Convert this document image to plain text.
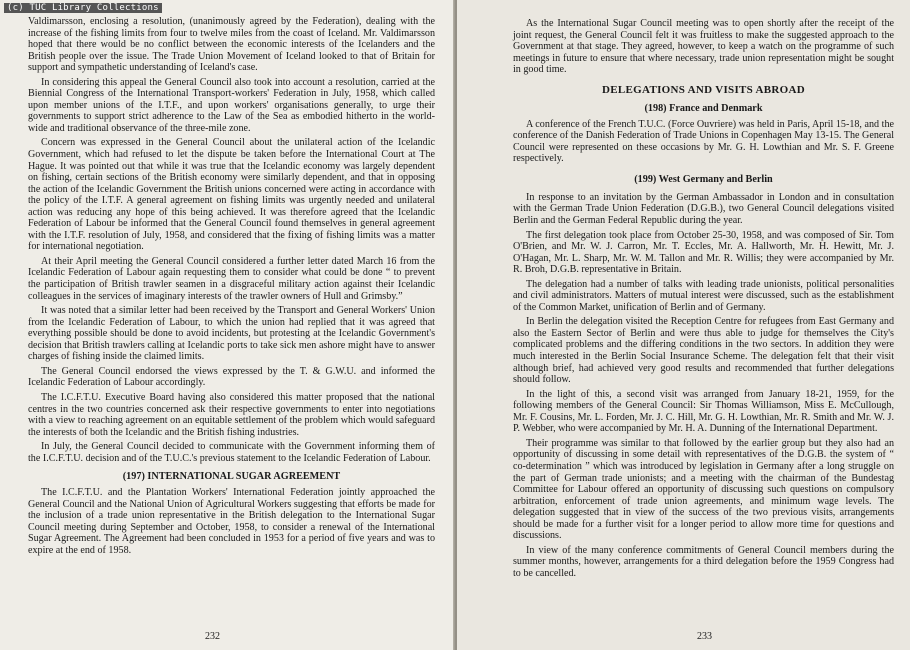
(c) TUC Library Collections

Valdimarsson, enclosing a resolution, (unanimously agreed by the Federation), dealing with the increase of the fishing limits from four to twelve miles from the coast of Iceland. Mr. Valdimarsson hoped that there would be no conflict between the economic interests of the Icelanders and the British people over the issue. The Trade Union Movement of Iceland looked to that of Britain for support and sympathetic understanding of Iceland's case.

In considering this appeal the General Council also took into account a resolution, carried at the Biennial Congress of the International Transport-workers' Federation in July, 1958, which called upon member unions of the I.T.F., and upon workers' organisations generally, to urge their governments to support strict adherence to the Law of the Sea as embodied hitherto in the world-wide and traditional observance of the three-mile zone.

Concern was expressed in the General Council about the unilateral action of the Icelandic Government, which had refused to let the dispute be taken before the International Court at The Hague. It was pointed out that while it was true that the Icelandic economy was largely dependent on fishing, certain sections of the British economy were similarly dependent, and that in opposing the action of the Icelandic Government the British unions concerned were acting in accordance with the policy of the I.T.F. A general agreement on fishing limits was urgently needed and unilateral action was reducing any hope of this being achieved. It was therefore agreed that the Icelandic Federation of Labour be informed that the General Council found themselves in general agreement with the I.T.F. resolution of July, 1958, and considered that the fixing of fishing limits was a matter for international negotiation.

At their April meeting the General Council considered a further letter dated March 16 from the Icelandic Federation of Labour again requesting them to consider what could be done “ to prevent the participation of British trawler seamen in a disgraceful military action against their Icelandic colleagues in the services of imaginary interests of the trawler owners of Hull and Grimsby.”

It was noted that a similar letter had been received by the Transport and General Workers' Union from the Icelandic Federation of Labour, to which the union had replied that it was agreed that everything possible should be done to avoid incidents, but protesting at the Icelandic Government's decision that British trawlers calling at Icelandic ports to take sick men ashore might have to answer charges of fishing inside the claimed limits.

The General Council endorsed the views expressed by the T. & G.W.U. and informed the Icelandic Federation of Labour accordingly.

The I.C.F.T.U. Executive Board having also considered this matter proposed that the national centres in the two countries concerned ask their respective governments to enter into negotiations with a view to reaching agreement on an equitable settlement of the problem which would safeguard the interests of both the Icelandic and the British fishing industries.

In July, the General Council decided to communicate with the Government informing them of the I.C.F.T.U. decision and of the T.U.C.'s previous statement to the Icelandic Federation of Labour.

(197) INTERNATIONAL SUGAR AGREEMENT

The I.C.F.T.U. and the Plantation Workers' International Federation jointly approached the General Council and the National Union of Agricultural Workers suggesting that efforts be made for the inclusion of a trade union representative in the British delegation to the International Sugar Council meeting during September and October, 1958, to consider a renewal of the International Sugar Agreement. The Agreement had been concluded in 1953 for a period of five years and was to expire at the end of 1958.

232

As the International Sugar Council meeting was to open shortly after the receipt of the joint request, the General Council felt it was fruitless to make the suggested approach to the Government at that stage. They agreed, however, to keep a watch on the programme of such meetings in future to ensure that where necessary, trade union representation might be sought in good time.

DELEGATIONS AND VISITS ABROAD
(198) France and Denmark

A conference of the French T.U.C. (Force Ouvriere) was held in Paris, April 15-18, and the conference of the Danish Federation of Trade Unions in Copenhagen May 13-15. The General Council were represented on these occasions by Mr. G. H. Lowthian and Mr. S. F. Greene respectively.

(199) West Germany and Berlin

In response to an invitation by the German Ambassador in London and in consultation with the German Trade Union Federation (D.G.B.), two General Council delegations visited Berlin and the German Federal Republic during the year.

The first delegation took place from October 25-30, 1958, and was composed of Sir. Tom O'Brien, and Mr. W. J. Carron, Mr. T. Eccles, Mr. A. Hallworth, Mr. H. Hewitt, Mr. J. O'Hagan, Mr. L. Sharp, Mr. W. M. Tallon and Mr. R. Willis; they were accompanied by Mr. R. Broh, D.G.B. representative in Britain.

The delegation had a number of talks with leading trade unionists, political personalities and civil administrators. Matters of mutual interest were discussed, such as the establishment of the Common Market, unification of Berlin and of Germany.

In Berlin the delegation visited the Reception Centre for refugees from East Germany and also the Eastern Sector of Berlin and were thus able to judge for themselves the City's complicated problems and the differing conditions in the two sectors. In addition they were much interested in the Berlin Social Insurance Scheme. The delegation felt that their visit although brief, had achieved very good results and recommended that further delegations should follow.

In the light of this, a second visit was arranged from January 18-21, 1959, for the following members of the General Council: Sir Thomas Williamson, Miss E. McCullough, Mr. F. Cousins, Mr. L. Forden, Mr. J. C. Hill, Mr. G. H. Lowthian, Mr. R. Smith and Mr. W. J. P. Webber, who were accompanied by Mr. H. A. Dunning of the International Department.

Their programme was similar to that followed by the earlier group but they also had an opportunity of discussing in some detail with representatives of the D.G.B. the system of “ co-determination ” which was introduced by legislation in Germany after a long struggle on the part of German trade unionists; and a meeting with the chairman of the Bundestag Committee for Labour offered an opportunity of discussing such questions on compulsory arbitration, enforcement of trade union agreements, and minimum wage levels. The delegation suggested that in view of the success of the two previous visits, arrangements should be made for a further visit for a longer period to allow more time for questions and discussions.

In view of the many conference commitments of General Council members during the summer months, however, arrangements for a third delegation before the 1959 Congress had to be cancelled.

233
